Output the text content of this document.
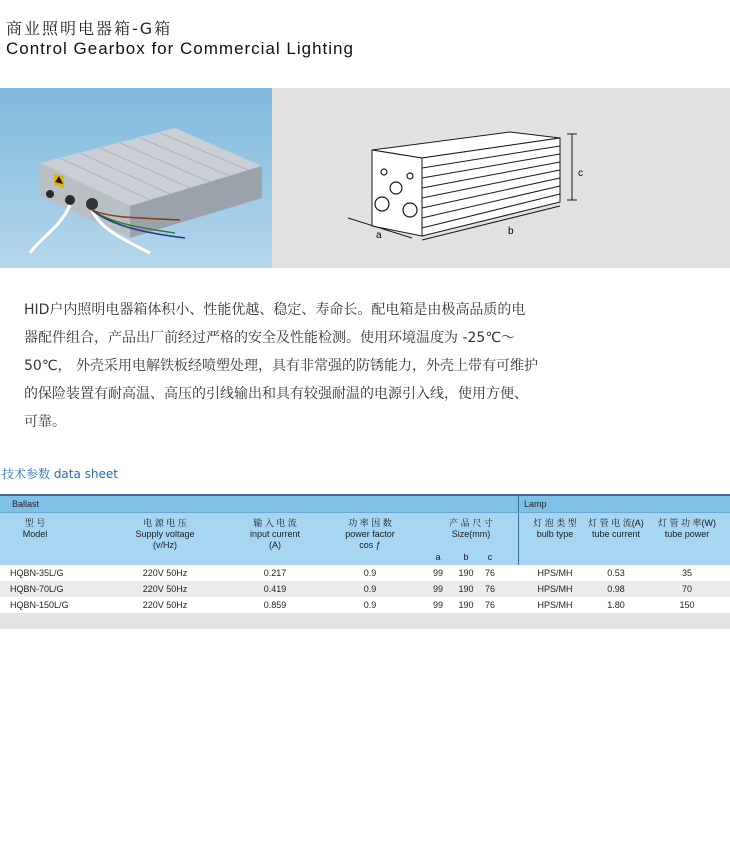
商业照明电器箱-G箱
Control Gearbox for Commercial Lighting
a	b
c

HID户内照明电器箱体积小、性能优越、稳定、寿命长。配电箱是由极高品质的电

器配件组合，产品出厂前经过严格的安全及性能检测。使用环境温度为 -25℃～

50℃， 外壳采用电解铁板经喷塑处理，具有非常强的防锈能力，外壳上带有可维护

的保险装置有耐高温、高压的引线输出和具有较强耐温的电源引入线，使用方便、

可靠。

技术参数 data sheet
Ballast	Lamp
型 号
Model
电 源 电 压
Supply voltage
(v/Hz)
输 入 电 流
input current
(A)
功 率 因 数
power factor
cos ƒ
产 品 尺 寸
Size(mm)
a	b	c
灯 泡 类 型
bulb type
灯 管 电 流(A)
tube current
灯 管 功 率(W)
tube power
HQBN-35L/G	220V 50Hz	0.217	0.9	99	190	76	HPS/MH	0.53	35
HQBN-70L/G	220V 50Hz	0.419	0.9	99	190	76	HPS/MH	0.98	70
HQBN-150L/G	220V 50Hz	0.859	0.9	99	190	76	HPS/MH	1.80	150
